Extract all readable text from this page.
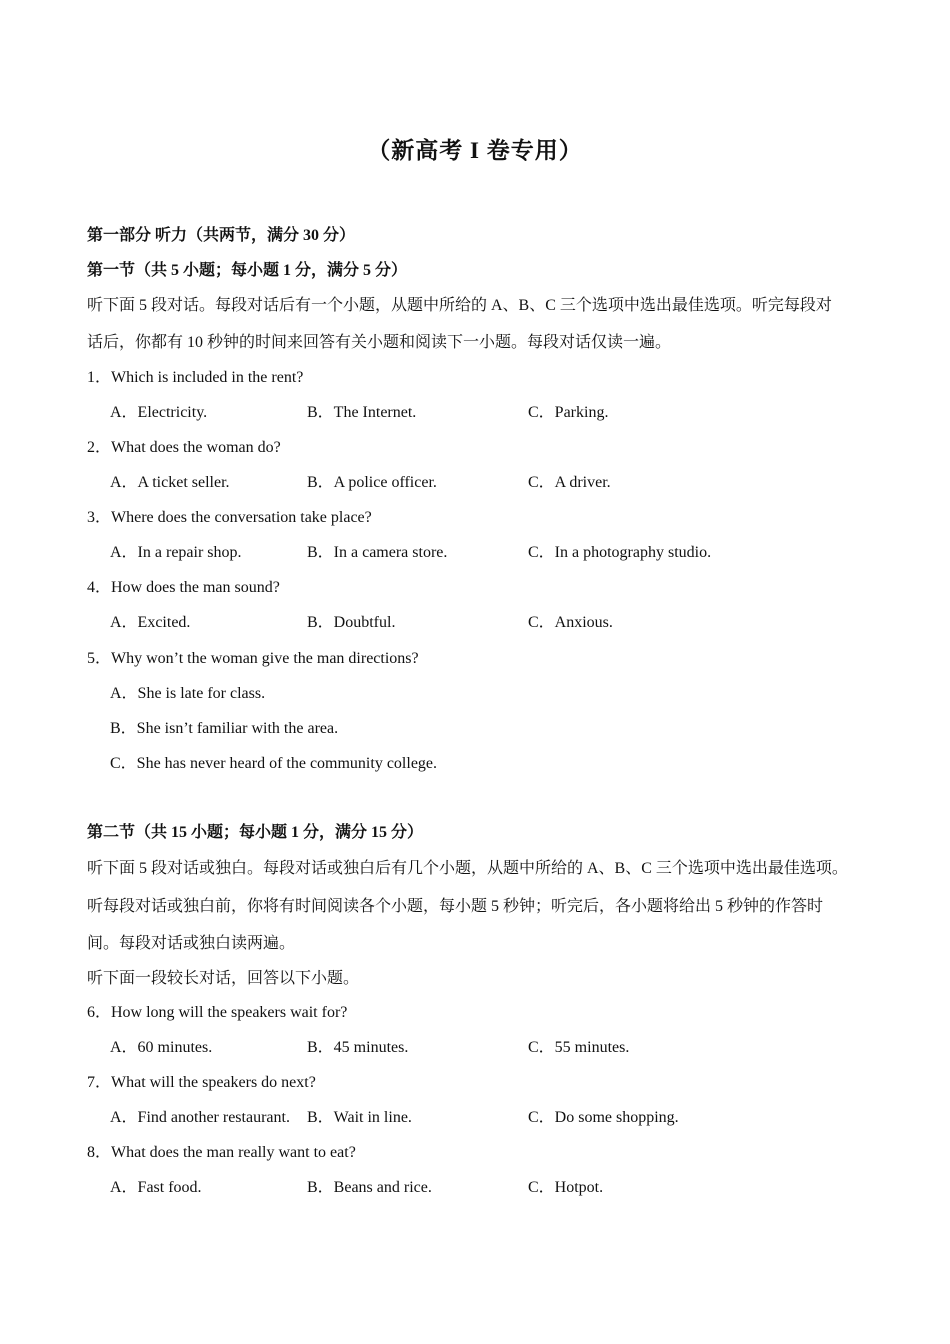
（新高考 I 卷专用）
第一部分 听力（共两节，满分 30 分）
第一节（共 5 小题；每小题 1 分，满分 5 分）
听下面 5 段对话。每段对话后有一个小题，从题中所给的 A、B、C 三个选项中选出最佳选项。听完每段对
话后，你都有 10 秒钟的时间来回答有关小题和阅读下一小题。每段对话仅读一遍。
1．Which is included in the rent?
A．Electricity.	B．The Internet.	C．Parking.
2．What does the woman do?
A．A ticket seller.	B．A police officer.	C．A driver.
3．Where does the conversation take place?
A．In a repair shop.	B．In a camera store.	C．In a photography studio.
4．How does the man sound?
A．Excited.	B．Doubtful.	C．Anxious.
5．Why won’t the woman give the man directions?
A．She is late for class.
B．She isn’t familiar with the area.
C．She has never heard of the community college.
第二节（共 15 小题；每小题 1 分，满分 15 分）
听下面 5 段对话或独白。每段对话或独白后有几个小题，从题中所给的 A、B、C 三个选项中选出最佳选项。
听每段对话或独白前，你将有时间阅读各个小题，每小题 5 秒钟；听完后，各小题将给出 5 秒钟的作答时
间。每段对话或独白读两遍。
听下面一段较长对话，回答以下小题。
6．How long will the speakers wait for?
A．60 minutes.	B．45 minutes.	C．55 minutes.
7．What will the speakers do next?
A．Find another restaurant. B．Wait in line.	C．Do some shopping.
8．What does the man really want to eat?
A．Fast food.	B．Beans and rice.	C．Hotpot.
